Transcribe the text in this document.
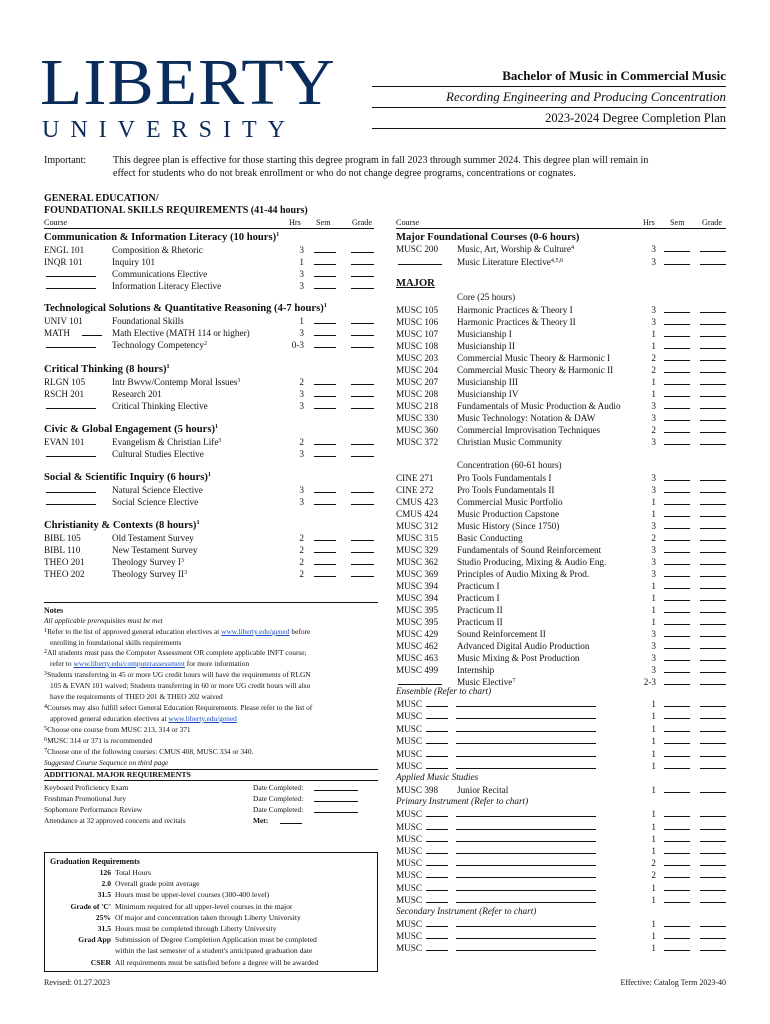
LIBERTY
UNIVERSITY
Bachelor of Music in Commercial Music
Recording Engineering and Producing Concentration
2023-2024 Degree Completion Plan
Important:	This degree plan is effective for those starting this degree program in fall 2023 through summer 2024. This degree plan will remain in
effect for students who do not break enrollment or who do not change degree programs, concentrations or cognates.
GENERAL EDUCATION/
FOUNDATIONAL SKILLS REQUIREMENTS (41-44 hours)
Course	Hrs Sem	Grade
Communication & Information Literacy (10 hours)$^1$
ENGL 101	Composition & Rhetoric	3
INQR 101	Inquiry 101	1
Communications Elective	3
Information Literacy Elective	3
Technological Solutions & Quantitative Reasoning (4-7 hours)$^1$
UNIV 101	Foundational Skills	1
MATH	Math Elective (MATH 114 or higher)	3
Technology Competency$^2$	0-3
Critical Thinking (8 hours)$^1$
RLGN 105	Intr Bwvw/Contemp Moral Issues$^3$	2
RSCH 201	Research 201	3
Critical Thinking Elective	3
Civic & Global Engagement (5 hours)$^1$
EVAN 101	Evangelism & Christian Life$^3$	2
Cultural Studies Elective	3
Social & Scientific Inquiry (6 hours)$^1$
Natural Science Elective	3
Social Science Elective	3
Christianity & Contexts (8 hours)$^1$
BIBL 105	Old Testament Survey	2
BIBL 110	New Testament Survey	2
THEO 201	Theology Survey $I^3$	2
THEO 202	Theology Survey $II^3$	2
Notes
All applicable prerequisites must be met
$^1$Refer to the list of approved general education electives at www.liberty.edu/gened before
enrolling in foundational skills requirements
$^2$All students must pass the Computer Assessment OR complete applicable INFT course;
refer to www.liberty.edu/computerassessment for more information
$^3$Students transferring in 45 or more UG credit hours will have the requirements of RLGN
105 & EVAN 101 waived; Students transferring in 60 or more UG credit hours will also
have the requirements of THEO 201 & THEO 202 waived
$^4$Courses may also fulfill select General Education Requirements. Please refer to the list of
approved general education electives at www.liberty.edu/gened
$^5$Choose one course from MUSC 213, 314 or 371
$^6$MUSC 314 or 371 is recommended
$^7$Choose one of the following courses: CMUS 408, MUSC 334 or 340.
Suggested Course Sequence on third page
ADDITIONAL MAJOR REQUIREMENTS
Keyboard Proficiency Exam	Date Completed:
Freshman Promotional Jury	Date Completed:
Sophomore Performance Review	Date Completed:
Attendance at 32 approved concerts and recitals	Met:
Graduation Requirements
126 Total Hours
2.0 Overall grade point average
31.5 Hours must be upper-level courses (300-400 level)
Grade of 'C' Minimum required for all upper-level courses in the major
25% Of major and concentration taken through Liberty University
31.5 Hours must be completed through Liberty University
Grad App Submission of Degree Completion Application must be completed
within the last semester of a student's anticipated graduation date
CSER All requirements must be satisfied before a degree will be awarded
Course	Hrs Sem Grade
Major Foundational Courses (0-6 hours)
MUSC 200 Music, Art, Worship & Culture$^4$	3
Music Literature Elective$^{4,5,6}$	3
MAJOR
Core (25 hours)
MUSC 105 Harmonic Practices & Theory I	3
MUSC 106 Harmonic Practices & Theory II	3
MUSC 107 Musicianship I	1
MUSC 108 Musicianship II	1
MUSC 203 Commercial Music Theory & Harmonic I	2
MUSC 204 Commercial Music Theory & Harmonic II	2
MUSC 207 Musicianship III	1
MUSC 208 Musicianship IV	1
MUSC 218 Fundamentals of Music Production & Audio	3
MUSC 330 Music Technology: Notation & DAW	3
MUSC 360 Commercial Improvisation Techniques	2
MUSC 372 Christian Music Community	3
Concentration (60-61 hours)
CINE 271	Pro Tools Fundamentals I	3
CINE 272	Pro Tools Fundamentals II	3
CMUS 423 Commercial Music Portfolio	1
CMUS 424 Music Production Capstone	1
MUSC 312 Music History (Since 1750)	3
MUSC 315 Basic Conducting	2
MUSC 329 Fundamentals of Sound Reinforcement	3
MUSC 362 Studio Producing, Mixing & Audio Eng.	3
MUSC 369 Principles of Audio Mixing & Prod.	3
MUSC 394 Practicum I	1
MUSC 394 Practicum I	1
MUSC 395 Practicum II	1
MUSC 395 Practicum II	1
MUSC 429 Sound Reinforcement II	3
MUSC 462 Advanced Digital Audio Production	3
MUSC 463 Music Mixing & Post Production	3
MUSC 499 Internship	3
Music Elective$^7$	2-3
Ensemble (Refer to chart)
MUSC	1
MUSC	1
MUSC	1
MUSC	1
MUSC	1
MUSC	1
Applied Music Studies
MUSC 398 Junior Recital	1
Primary Instrument (Refer to chart)
MUSC	1
MUSC	1
MUSC	1
MUSC	1
MUSC	2
MUSC	2
MUSC	1
MUSC	1
Secondary Instrument (Refer to chart)
MUSC	1
MUSC	1
MUSC	1
Revised: 01.27.2023	Effective: Catalog Term 2023-40
